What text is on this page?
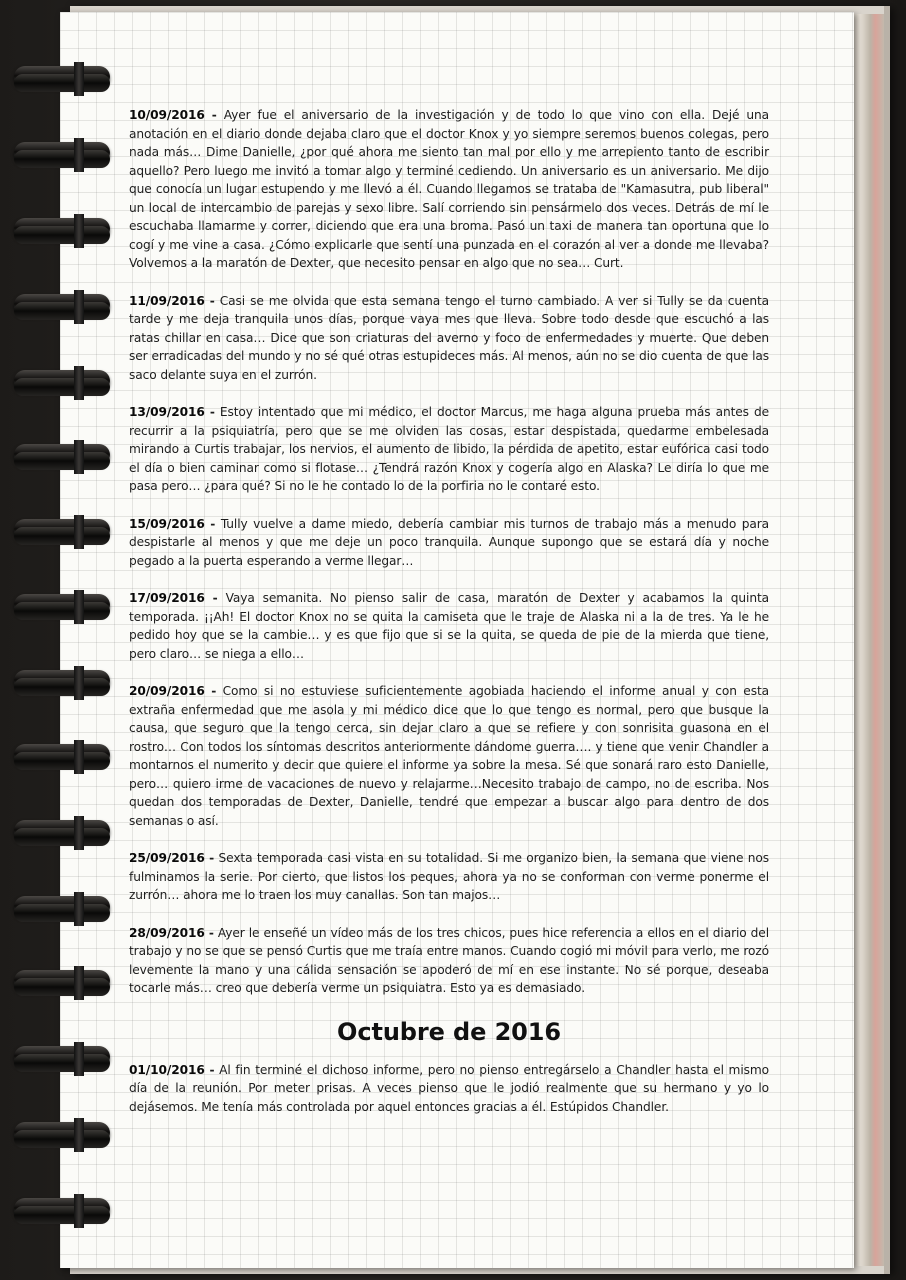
10/09/2016 - Ayer fue el aniversario de la investigación y de todo lo que vino con ella. Dejé una anotación en el diario donde dejaba claro que el doctor Knox y yo siempre seremos buenos colegas, pero nada más… Dime Danielle, ¿por qué ahora me siento tan mal por ello y me arrepiento tanto de escribir aquello? Pero luego me invitó a tomar algo y terminé cediendo. Un aniversario es un aniversario. Me dijo que conocía un lugar estupendo y me llevó a él. Cuando llegamos se trataba de "Kamasutra, pub liberal" un local de intercambio de parejas y sexo libre. Salí corriendo sin pensármelo dos veces. Detrás de mí le escuchaba llamarme y correr, diciendo que era una broma. Pasó un taxi de manera tan oportuna que lo cogí y me vine a casa. ¿Cómo explicarle que sentí una punzada en el corazón al ver a donde me llevaba? Volvemos a la maratón de Dexter, que necesito pensar en algo que no sea… Curt.

11/09/2016 - Casi se me olvida que esta semana tengo el turno cambiado. A ver si Tully se da cuenta tarde y me deja tranquila unos días, porque vaya mes que lleva. Sobre todo desde que escuchó a las ratas chillar en casa… Dice que son criaturas del averno y foco de enfermedades y muerte. Que deben ser erradicadas del mundo y no sé qué otras estupideces más. Al menos, aún no se dio cuenta de que las saco delante suya en el zurrón.

13/09/2016 - Estoy intentado que mi médico, el doctor Marcus, me haga alguna prueba más antes de recurrir a la psiquiatría, pero que se me olviden las cosas, estar despistada, quedarme embelesada mirando a Curtis trabajar, los nervios, el aumento de libido, la pérdida de apetito, estar eufórica casi todo el día o bien caminar como si flotase… ¿Tendrá razón Knox y cogería algo en Alaska? Le diría lo que me pasa pero… ¿para qué? Si no le he contado lo de la porfiria no le contaré esto.

15/09/2016 - Tully vuelve a dame miedo, debería cambiar mis turnos de trabajo más a menudo para despistarle al menos y que me deje un poco tranquila. Aunque supongo que se estará día y noche pegado a la puerta esperando a verme llegar…

17/09/2016 - Vaya semanita. No pienso salir de casa, maratón de Dexter y acabamos la quinta temporada. ¡¡Ah! El doctor Knox no se quita la camiseta que le traje de Alaska ni a la de tres. Ya le he pedido hoy que se la cambie… y es que fijo que si se la quita, se queda de pie de la mierda que tiene, pero claro… se niega a ello…

20/09/2016 - Como si no estuviese suficientemente agobiada haciendo el informe anual y con esta extraña enfermedad que me asola y mi médico dice que lo que tengo es normal, pero que busque la causa, que seguro que la tengo cerca, sin dejar claro a que se refiere y con sonrisita guasona en el rostro… Con todos los síntomas descritos anteriormente dándome guerra…. y tiene que venir Chandler a montarnos el numerito y decir que quiere el informe ya sobre la mesa. Sé que sonará raro esto Danielle, pero… quiero irme de vacaciones de nuevo y relajarme…Necesito trabajo de campo, no de escriba. Nos quedan dos temporadas de Dexter, Danielle, tendré que empezar a buscar algo para dentro de dos semanas o así.

25/09/2016 - Sexta temporada casi vista en su totalidad. Si me organizo bien, la semana que viene nos fulminamos la serie. Por cierto, que listos los peques, ahora ya no se conforman con verme ponerme el zurrón… ahora me lo traen los muy canallas. Son tan majos…

28/09/2016 - Ayer le enseñé un vídeo más de los tres chicos, pues hice referencia a ellos en el diario del trabajo y no se que se pensó Curtis que me traía entre manos. Cuando cogió mi móvil para verlo, me rozó levemente la mano y una cálida sensación se apoderó de mí en ese instante. No sé porque, deseaba tocarle más… creo que debería verme un psiquiatra. Esto ya es demasiado.

Octubre de 2016

01/10/2016 - Al fin terminé el dichoso informe, pero no pienso entregárselo a Chandler hasta el mismo día de la reunión. Por meter prisas. A veces pienso que le jodió realmente que su hermano y yo lo dejásemos. Me tenía más controlada por aquel entonces gracias a él. Estúpidos Chandler.
